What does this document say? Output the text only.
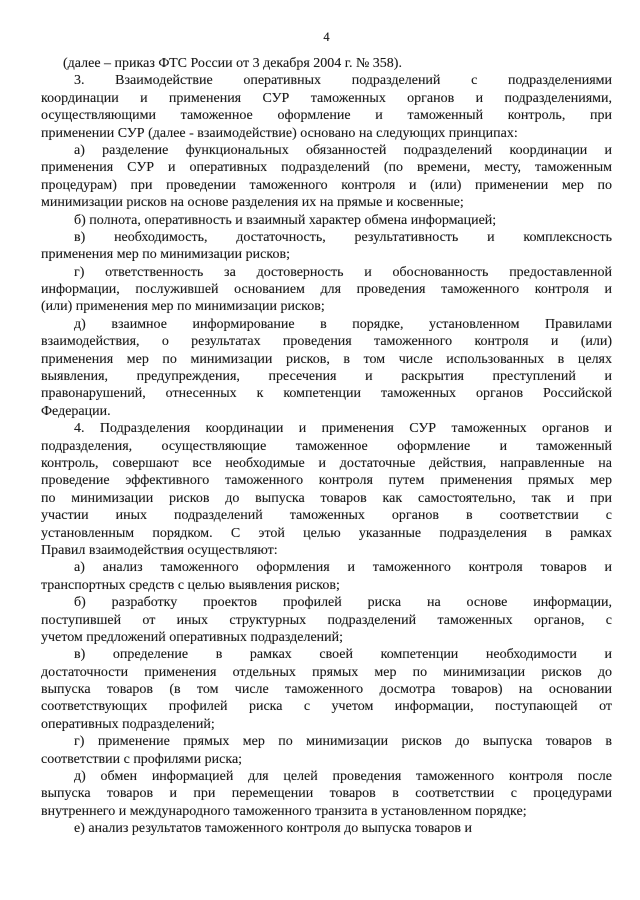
4
(далее – приказ ФТС России от 3 декабря 2004 г. № 358).
3. Взаимодействие оперативных подразделений с подразделениями
координации и применения СУР таможенных органов и подразделениями,
осуществляющими таможенное оформление и таможенный контроль, при
применении СУР (далее - взаимодействие) основано на следующих принципах:
а) разделение функциональных обязанностей подразделений координации и
применения СУР и оперативных подразделений (по времени, месту, таможенным
процедурам) при проведении таможенного контроля и (или) применении мер по
минимизации рисков на основе разделения их на прямые и косвенные;
б) полнота, оперативность и взаимный характер обмена информацией;
в) необходимость, достаточность, результативность и комплексность
применения мер по минимизации рисков;
г) ответственность за достоверность и обоснованность предоставленной
информации, послужившей основанием для проведения таможенного контроля и
(или) применения мер по минимизации рисков;
д) взаимное информирование в порядке, установленном Правилами
взаимодействия, о результатах проведения таможенного контроля и (или)
применения мер по минимизации рисков, в том числе использованных в целях
выявления, предупреждения, пресечения и раскрытия преступлений и
правонарушений, отнесенных к компетенции таможенных органов Российской
Федерации.
4. Подразделения координации и применения СУР таможенных органов и
подразделения, осуществляющие таможенное оформление и таможенный
контроль, совершают все необходимые и достаточные действия, направленные на
проведение эффективного таможенного контроля путем применения прямых мер
по минимизации рисков до выпуска товаров как самостоятельно, так и при
участии иных подразделений таможенных органов в соответствии с
установленным порядком. С этой целью указанные подразделения в рамках
Правил взаимодействия осуществляют:
а) анализ таможенного оформления и таможенного контроля товаров и
транспортных средств с целью выявления рисков;
б) разработку проектов профилей риска на основе информации,
поступившей от иных структурных подразделений таможенных органов, с
учетом предложений оперативных подразделений;
в) определение в рамках своей компетенции необходимости и
достаточности применения отдельных прямых мер по минимизации рисков до
выпуска товаров (в том числе таможенного досмотра товаров) на основании
соответствующих профилей риска с учетом информации, поступающей от
оперативных подразделений;
г) применение прямых мер по минимизации рисков до выпуска товаров в
соответствии с профилями риска;
д) обмен информацией для целей проведения таможенного контроля после
выпуска товаров и при перемещении товаров в соответствии с процедурами
внутреннего и международного таможенного транзита в установленном порядке;
е) анализ результатов таможенного контроля до выпуска товаров и
